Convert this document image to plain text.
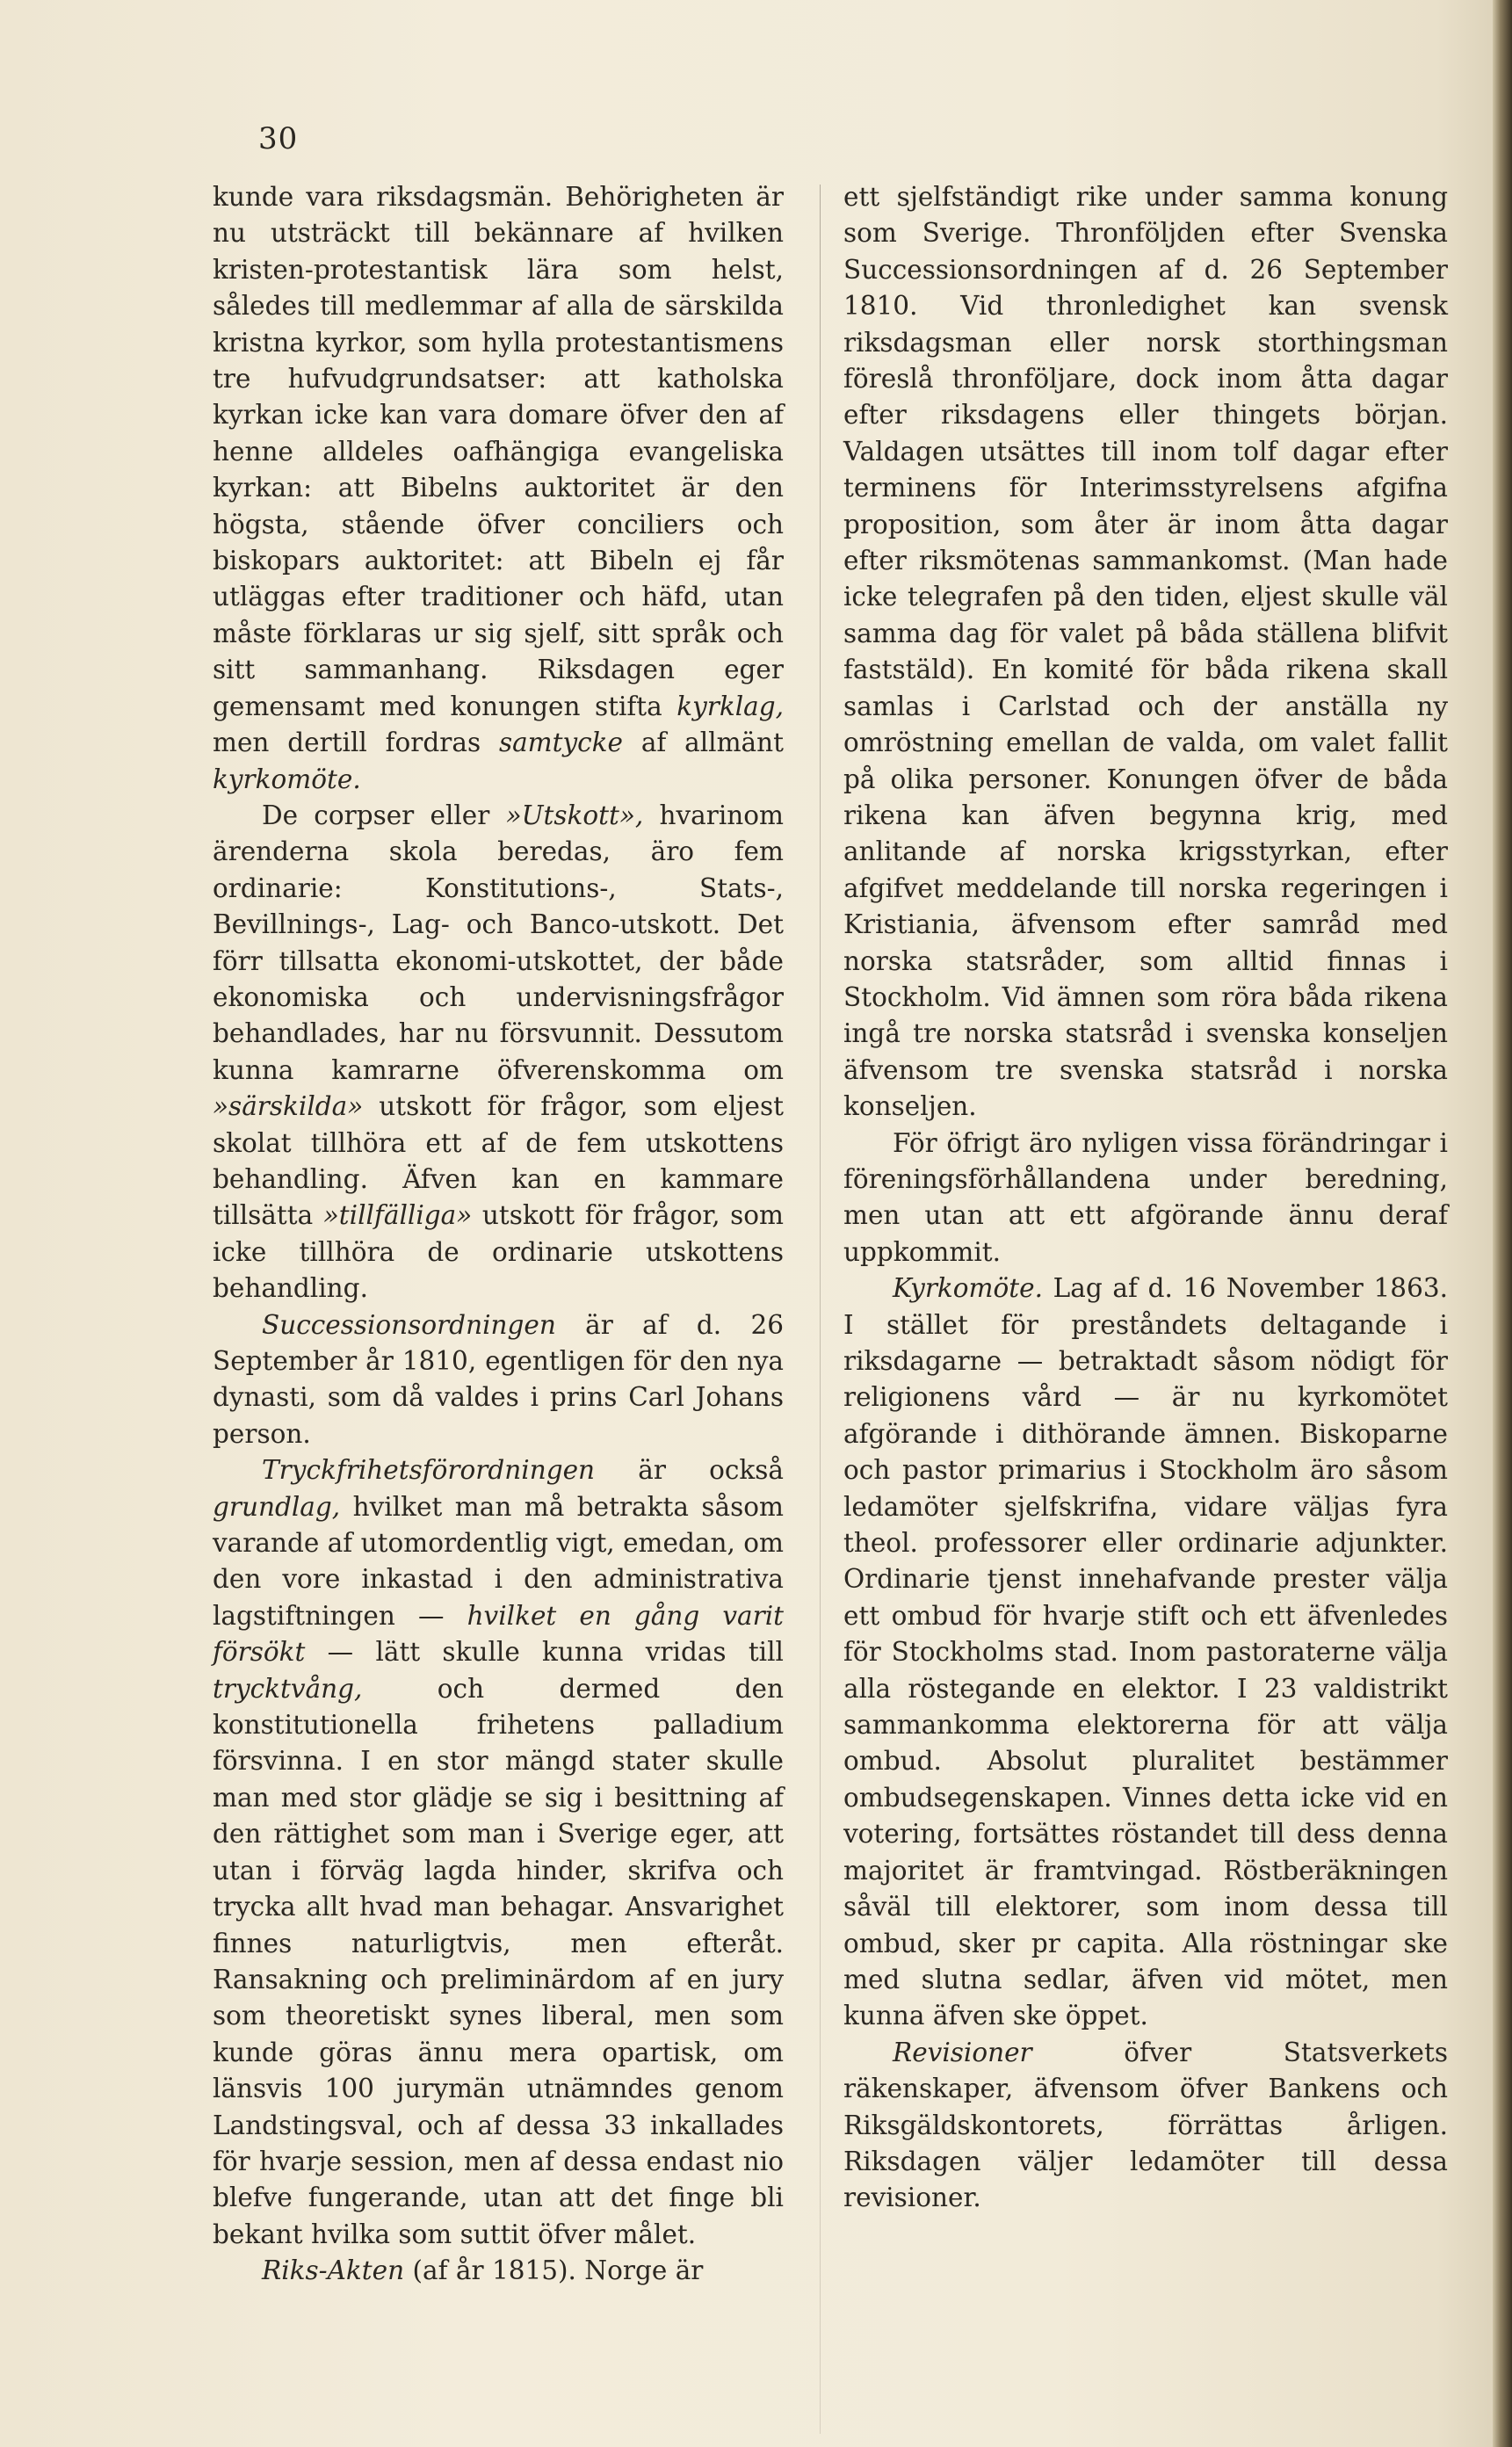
30

kunde vara riksdagsmän. Behörigheten är nu utsträckt till bekännare af hvilken kristen-protestantisk lära som helst, således till medlemmar af alla de särskilda kristna kyrkor, som hylla protestantismens tre hufvudgrundsatser: att katholska kyrkan icke kan vara domare öfver den af henne alldeles oafhängiga evangeliska kyrkan: att Bibelns auktoritet är den högsta, stående öfver conciliers och biskopars auktoritet: att Bibeln ej får utläggas efter traditioner och häfd, utan måste förklaras ur sig sjelf, sitt språk och sitt sammanhang. Riksdagen eger gemensamt med konungen stifta kyrklag, men dertill fordras samtycke af allmänt kyrkomöte.

De corpser eller »Utskott», hvarinom ärenderna skola beredas, äro fem ordinarie: Konstitutions-, Stats-, Bevillnings-, Lag- och Banco-utskott. Det förr tillsatta ekonomi-utskottet, der både ekonomiska och undervisningsfrågor behandlades, har nu försvunnit. Dessutom kunna kamrarne öfverenskomma om »särskilda» utskott för frågor, som eljest skolat tillhöra ett af de fem utskottens behandling. Äfven kan en kammare tillsätta »tillfälliga» utskott för frågor, som icke tillhöra de ordinarie utskottens behandling.

Successionsordningen är af d. 26 September år 1810, egentligen för den nya dynasti, som då valdes i prins Carl Johans person.

Tryckfrihetsförordningen är också grundlag, hvilket man må betrakta såsom varande af utomordentlig vigt, emedan, om den vore inkastad i den administrativa lagstiftningen — hvilket en gång varit försökt — lätt skulle kunna vridas till trycktvång, och dermed den konstitutionella frihetens palladium försvinna. I en stor mängd stater skulle man med stor glädje se sig i besittning af den rättighet som man i Sverige eger, att utan i förväg lagda hinder, skrifva och trycka allt hvad man behagar. Ansvarighet finnes naturligtvis, men efteråt. Ransakning och preliminärdom af en jury som theoretiskt synes liberal, men som kunde göras ännu mera opartisk, om länsvis 100 jurymän utnämndes genom Landstingsval, och af dessa 33 inkallades för hvarje session, men af dessa endast nio blefve fungerande, utan att det finge bli bekant hvilka som suttit öfver målet.

Riks-Akten (af år 1815). Norge är

ett sjelfständigt rike under samma konung som Sverige. Thronföljden efter Svenska Successionsordningen af d. 26 September 1810. Vid thronledighet kan svensk riksdagsman eller norsk storthingsman föreslå thronföljare, dock inom åtta dagar efter riksdagens eller thingets början. Valdagen utsättes till inom tolf dagar efter terminens för Interimsstyrelsens afgifna proposition, som åter är inom åtta dagar efter riksmötenas sammankomst. (Man hade icke telegrafen på den tiden, eljest skulle väl samma dag för valet på båda ställena blifvit faststäld). En komité för båda rikena skall samlas i Carlstad och der anställa ny omröstning emellan de valda, om valet fallit på olika personer. Konungen öfver de båda rikena kan äfven begynna krig, med anlitande af norska krigsstyrkan, efter afgifvet meddelande till norska regeringen i Kristiania, äfvensom efter samråd med norska statsråder, som alltid finnas i Stockholm. Vid ämnen som röra båda rikena ingå tre norska statsråd i svenska konseljen äfvensom tre svenska statsråd i norska konseljen.

För öfrigt äro nyligen vissa förändringar i föreningsförhållandena under beredning, men utan att ett afgörande ännu deraf uppkommit.

Kyrkomöte. Lag af d. 16 November 1863. I stället för preståndets deltagande i riksdagarne — betraktadt såsom nödigt för religionens vård — är nu kyrkomötet afgörande i dithörande ämnen. Biskoparne och pastor primarius i Stockholm äro såsom ledamöter sjelfskrifna, vidare väljas fyra theol. professorer eller ordinarie adjunkter. Ordinarie tjenst innehafvande prester välja ett ombud för hvarje stift och ett äfvenledes för Stockholms stad. Inom pastoraterne välja alla röstegande en elektor. I 23 valdistrikt sammankomma elektorerna för att välja ombud. Absolut pluralitet bestämmer ombudsegenskapen. Vinnes detta icke vid en votering, fortsättes röstandet till dess denna majoritet är framtvingad. Röstberäkningen såväl till elektorer, som inom dessa till ombud, sker pr capita. Alla röstningar ske med slutna sedlar, äfven vid mötet, men kunna äfven ske öppet.

Revisioner öfver Statsverkets räkenskaper, äfvensom öfver Bankens och Riksgäldskontorets, förrättas årligen. Riksdagen väljer ledamöter till dessa revisioner.
